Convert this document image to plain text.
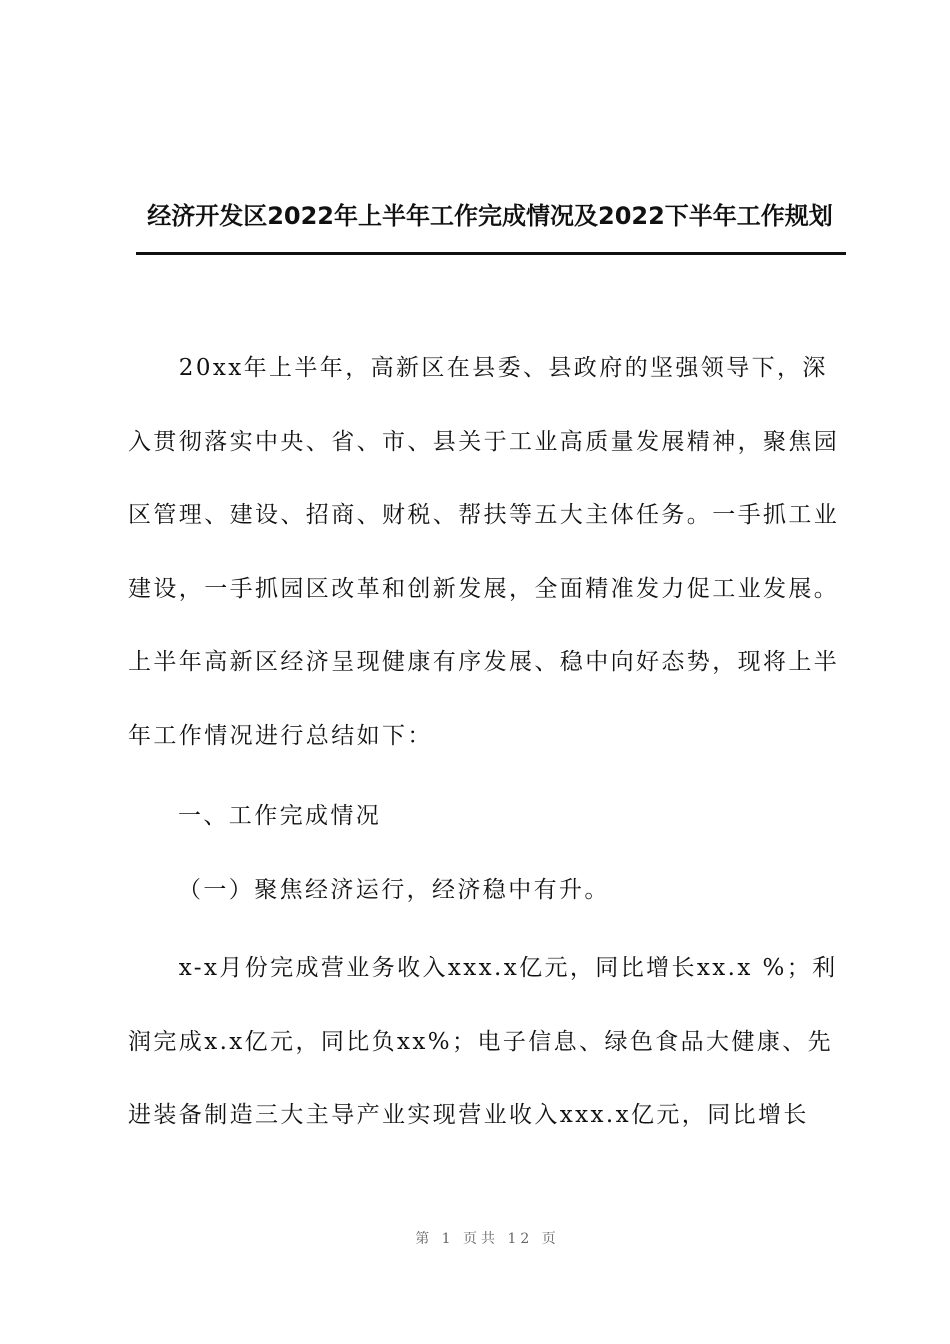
经济开发区2022年上半年工作完成情况及2022下半年工作规划
　　20xx年上半年，高新区在县委、县政府的坚强领导下，深
入贯彻落实中央、省、市、县关于工业高质量发展精神，聚焦园
区管理、建设、招商、财税、帮扶等五大主体任务。一手抓工业
建设，一手抓园区改革和创新发展，全面精准发力促工业发展。
上半年高新区经济呈现健康有序发展、稳中向好态势，现将上半
年工作情况进行总结如下：
一、工作完成情况
（一）聚焦经济运行，经济稳中有升。
　　x-x月份完成营业务收入xxx.x亿元，同比增长xx.x %；利
润完成x.x亿元，同比负xx%；电子信息、绿色食品大健康、先
进装备制造三大主导产业实现营业收入xxx.x亿元，同比增长
第 1 页共 12 页
